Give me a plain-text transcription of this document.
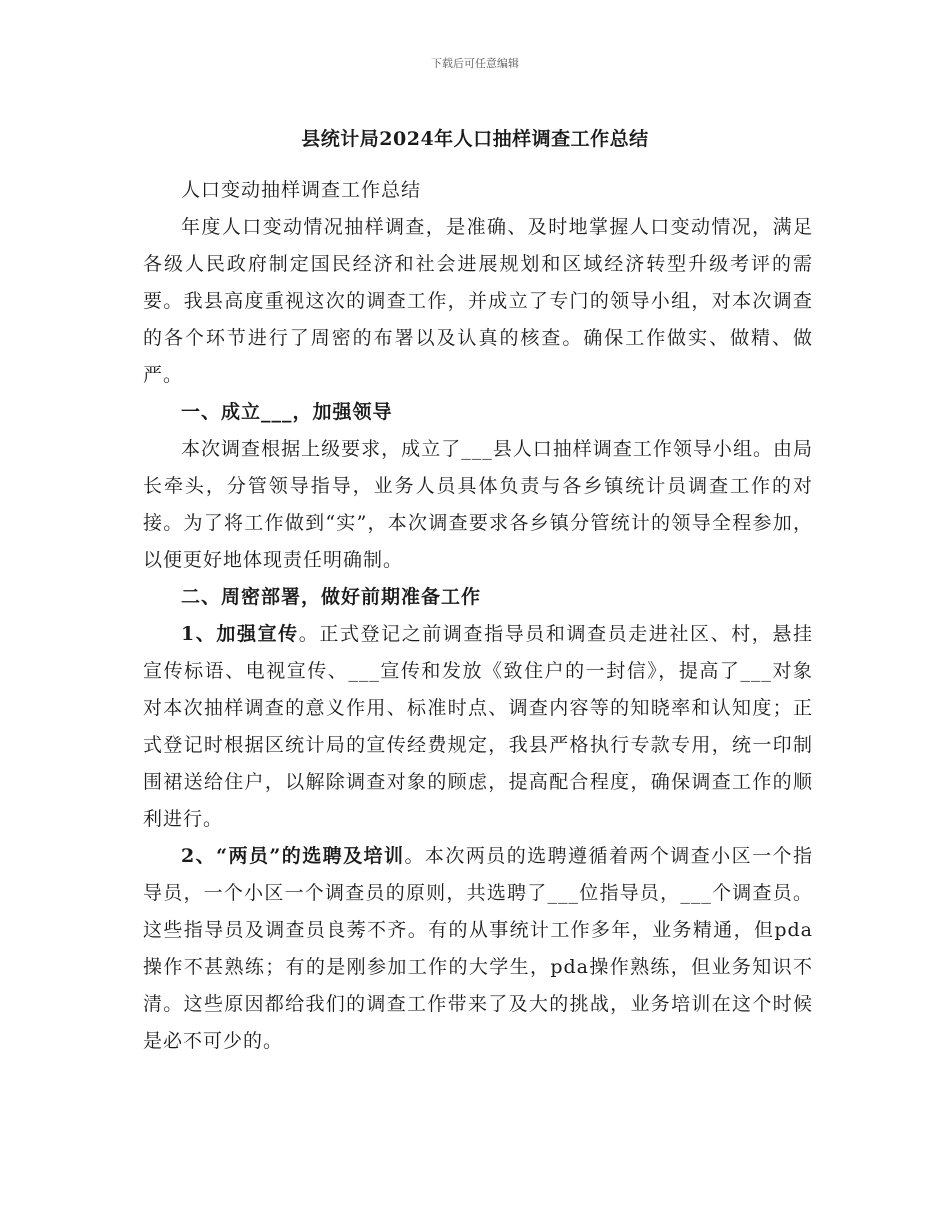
下载后可任意编辑
县统计局2024年人口抽样调查工作总结

人口变动抽样调查工作总结

年度人口变动情况抽样调查，是准确、及时地掌握人口变动情况，满足各级人民政府制定国民经济和社会进展规划和区域经济转型升级考评的需要。我县高度重视这次的调查工作，并成立了专门的领导小组，对本次调查的各个环节进行了周密的布署以及认真的核查。确保工作做实、做精、做严。

一、成立___，加强领导

本次调查根据上级要求，成立了___县人口抽样调查工作领导小组。由局长牵头，分管领导指导，业务人员具体负责与各乡镇统计员调查工作的对接。为了将工作做到“实”，本次调查要求各乡镇分管统计的领导全程参加，以便更好地体现责任明确制。

二、周密部署，做好前期准备工作

1、加强宣传。正式登记之前调查指导员和调查员走进社区、村，悬挂宣传标语、电视宣传、___宣传和发放《致住户的一封信》，提高了___对象对本次抽样调查的意义作用、标准时点、调查内容等的知晓率和认知度；正式登记时根据区统计局的宣传经费规定，我县严格执行专款专用，统一印制围裙送给住户，以解除调查对象的顾虑，提高配合程度，确保调查工作的顺利进行。

2、“两员”的选聘及培训。本次两员的选聘遵循着两个调查小区一个指导员，一个小区一个调查员的原则，共选聘了___位指导员，___个调查员。这些指导员及调查员良莠不齐。有的从事统计工作多年，业务精通，但pda操作不甚熟练；有的是刚参加工作的大学生，pda操作熟练，但业务知识不清。这些原因都给我们的调查工作带来了及大的挑战，业务培训在这个时候是必不可少的。
